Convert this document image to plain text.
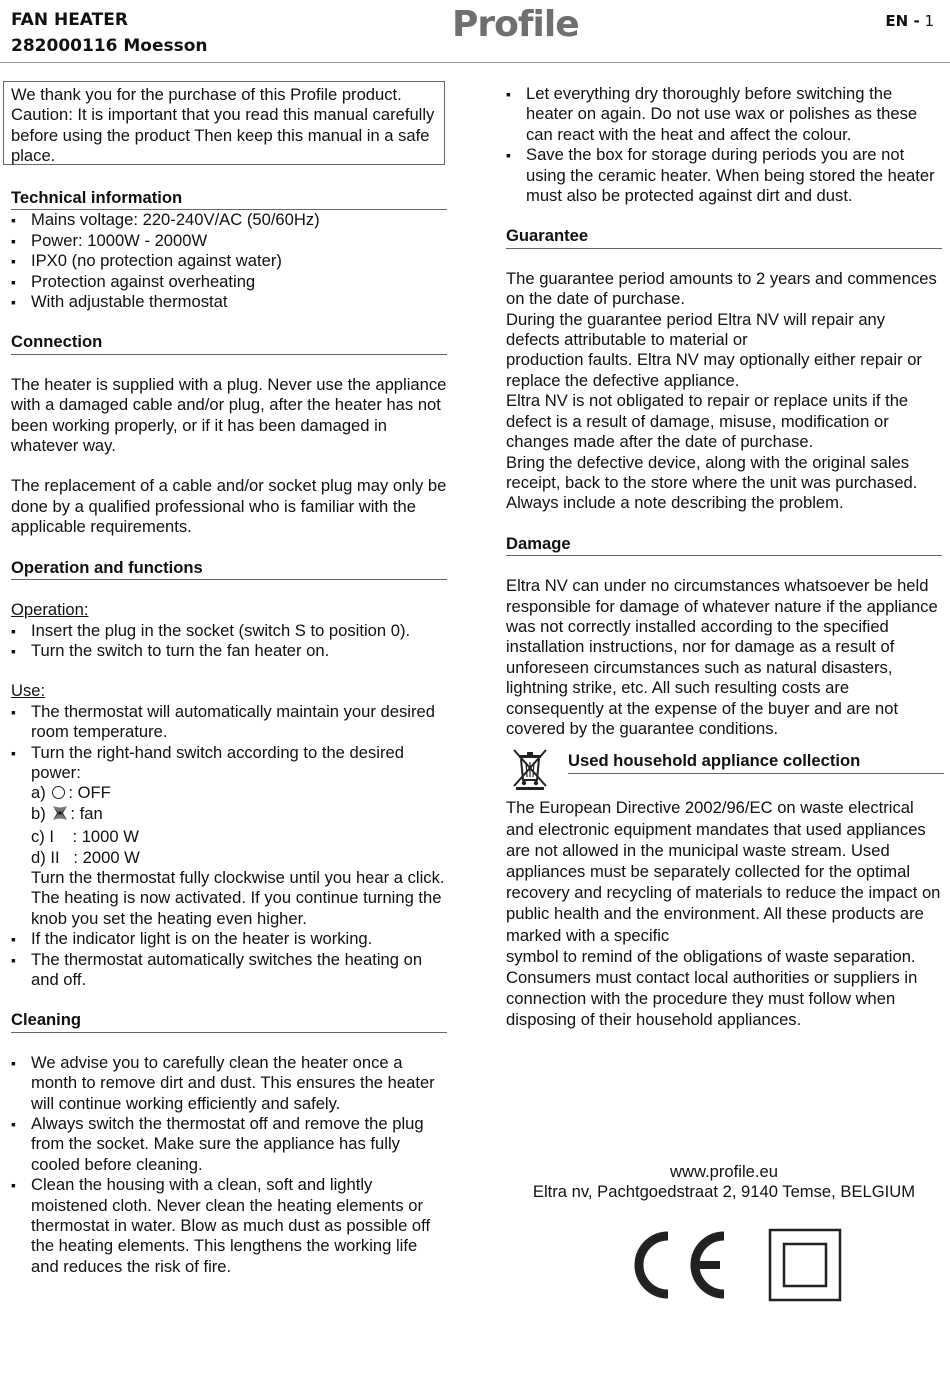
FAN HEATER
282000116 Moesson
Profile	EN - 1
We thank you for the purchase of this Profile product. Caution: It is important that you read this manual carefully before using the product Then keep this manual in a safe place.
Technical information
▪ Mains voltage: 220-240V/AC (50/60Hz)
▪ Power: 1000W - 2000W
▪ IPX0 (no protection against water)
▪ Protection against overheating
▪ With adjustable thermostat
Connection
The heater is supplied with a plug. Never use the appliance with a damaged cable and/or plug, after the heater has not been working properly, or if it has been damaged in whatever way.
The replacement of a cable and/or socket plug may only be done by a qualified professional who is familiar with the applicable requirements.
Operation and functions
Operation:
▪ Insert the plug in the socket (switch S to position 0).
▪ Turn the switch to turn the fan heater on.
Use:
▪ The thermostat will automatically maintain your desired room temperature.
▪ Turn the right-hand switch according to the desired power:
a) : OFF
b) : fan
c) I    : 1000 W
d) II   : 2000 W
Turn the thermostat fully clockwise until you hear a click. The heating is now activated. If you continue turning the knob you set the heating even higher.
▪ If the indicator light is on the heater is working.
▪ The thermostat automatically switches the heating on and off.
Cleaning
▪ We advise you to carefully clean the heater once a month to remove dirt and dust. This ensures the heater will continue working efficiently and safely.
▪ Always switch the thermostat off and remove the plug from the socket. Make sure the appliance has fully cooled before cleaning.
▪ Clean the housing with a clean, soft and lightly moistened cloth. Never clean the heating elements or thermostat in water. Blow as much dust as possible off the heating elements. This lengthens the working life and reduces the risk of fire.
▪ Let everything dry thoroughly before switching the heater on again. Do not use wax or polishes as these can react with the heat and affect the colour.
▪ Save the box for storage during periods you are not using the ceramic heater. When being stored the heater must also be protected against dirt and dust.
Guarantee
The guarantee period amounts to 2 years and commences on the date of purchase.
During the guarantee period Eltra NV will repair any defects attributable to material or
production faults. Eltra NV may optionally either repair or replace the defective appliance.
Eltra NV is not obligated to repair or replace units if the defect is a result of damage, misuse, modification or changes made after the date of purchase.
Bring the defective device, along with the original sales receipt, back to the store where the unit was purchased. Always include a note describing the problem.
Damage
Eltra NV can under no circumstances whatsoever be held responsible for damage of whatever nature if the appliance was not correctly installed according to the specified installation instructions, nor for damage as a result of unforeseen circumstances such as natural disasters, lightning strike, etc. All such resulting costs are consequently at the expense of the buyer and are not covered by the guarantee conditions.
Used household appliance collection
The European Directive 2002/96/EC on waste electrical and electronic equipment mandates that used appliances are not allowed in the municipal waste stream. Used appliances must be separately collected for the optimal recovery and recycling of materials to reduce the impact on public health and the environment. All these products are marked with a specific
symbol to remind of the obligations of waste separation.
Consumers must contact local authorities or suppliers in connection with the procedure they must follow when disposing of their household appliances.
www.profile.eu
Eltra nv, Pachtgoedstraat 2, 9140 Temse, BELGIUM
